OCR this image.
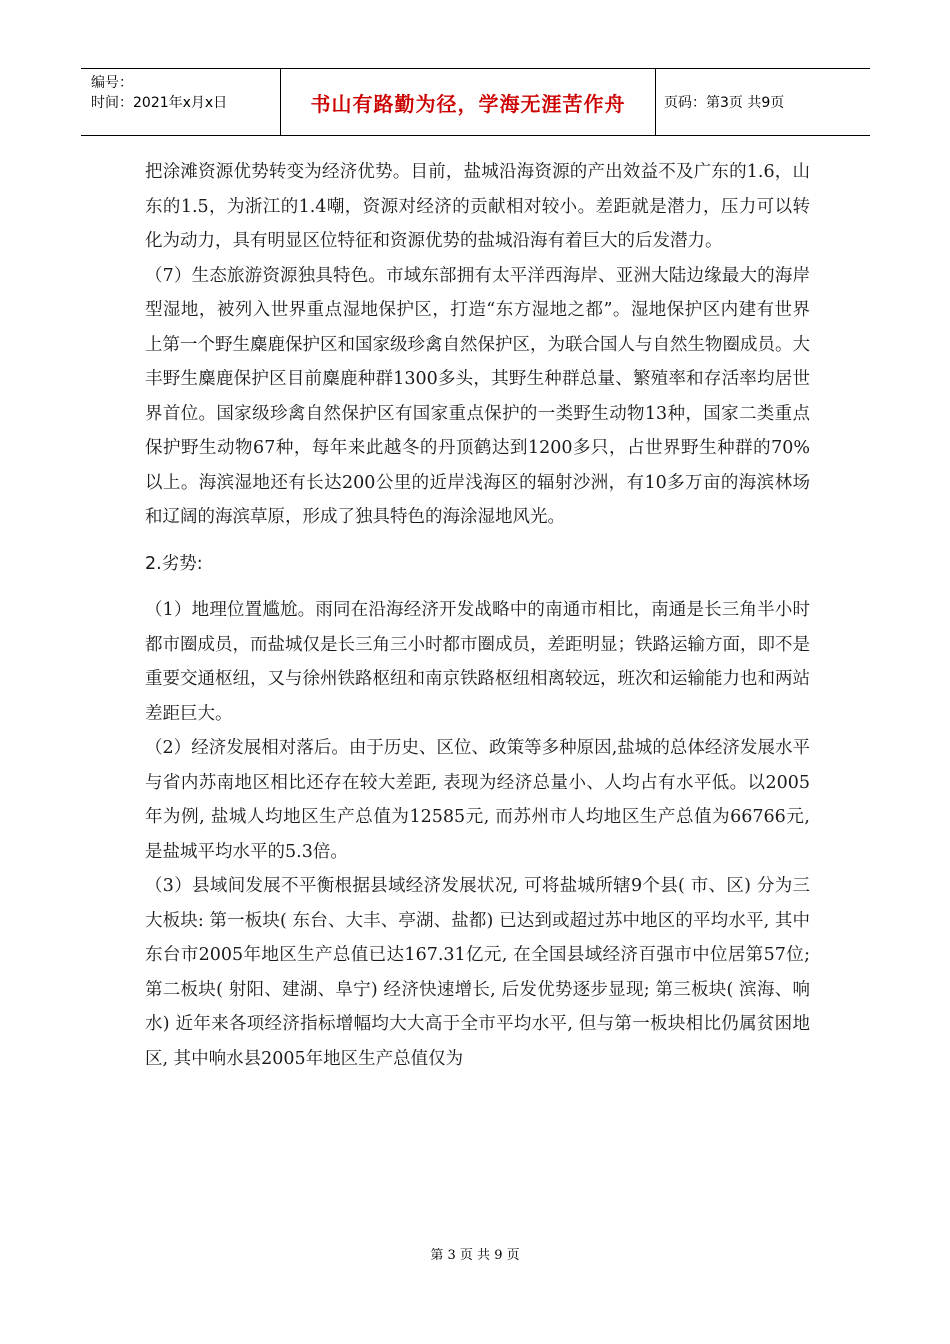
编号：
时间：2021年x月x日	书山有路勤为径，学海无涯苦作舟	页码：第3页 共9页

把涂滩资源优势转变为经济优势。目前，盐城沿海资源的产出效益不及广东的1.6，山东的1.5，为浙江的1.4嘲，资源对经济的贡献相对较小。差距就是潜力，压力可以转化为动力，具有明显区位特征和资源优势的盐城沿海有着巨大的后发潜力。

（7）生态旅游资源独具特色。市域东部拥有太平洋西海岸、亚洲大陆边缘最大的海岸型湿地，被列入世界重点湿地保护区，打造“东方湿地之都”。湿地保护区内建有世界上第一个野生麋鹿保护区和国家级珍禽自然保护区，为联合国人与自然生物圈成员。大丰野生麋鹿保护区目前麋鹿种群1300多头，其野生种群总量、繁殖率和存活率均居世界首位。国家级珍禽自然保护区有国家重点保护的一类野生动物13种，国家二类重点保护野生动物67种，每年来此越冬的丹顶鹤达到1200多只，占世界野生种群的70%以上。海滨湿地还有长达200公里的近岸浅海区的辐射沙洲，有10多万亩的海滨林场和辽阔的海滨草原，形成了独具特色的海涂湿地风光。

2.劣势:

（1）地理位置尴尬。雨同在沿海经济开发战略中的南通市相比，南通是长三角半小时都市圈成员，而盐城仅是长三角三小时都市圈成员，差距明显；铁路运输方面，即不是重要交通枢纽，又与徐州铁路枢纽和南京铁路枢纽相离较远，班次和运输能力也和两站差距巨大。

（2）经济发展相对落后。由于历史、区位、政策等多种原因,盐城的总体经济发展水平与省内苏南地区相比还存在较大差距, 表现为经济总量小、人均占有水平低。以2005年为例, 盐城人均地区生产总值为12585元, 而苏州市人均地区生产总值为66766元, 是盐城平均水平的5.3倍。

（3）县域间发展不平衡根据县域经济发展状况, 可将盐城所辖9个县( 市、区) 分为三大板块: 第一板块( 东台、大丰、亭湖、盐都) 已达到或超过苏中地区的平均水平, 其中东台市2005年地区生产总值已达167.31亿元, 在全国县域经济百强市中位居第57位; 第二板块( 射阳、建湖、阜宁) 经济快速增长, 后发优势逐步显现; 第三板块( 滨海、响水) 近年来各项经济指标增幅均大大高于全市平均水平, 但与第一板块相比仍属贫困地区, 其中响水县2005年地区生产总值仅为

第 3 页 共 9 页
